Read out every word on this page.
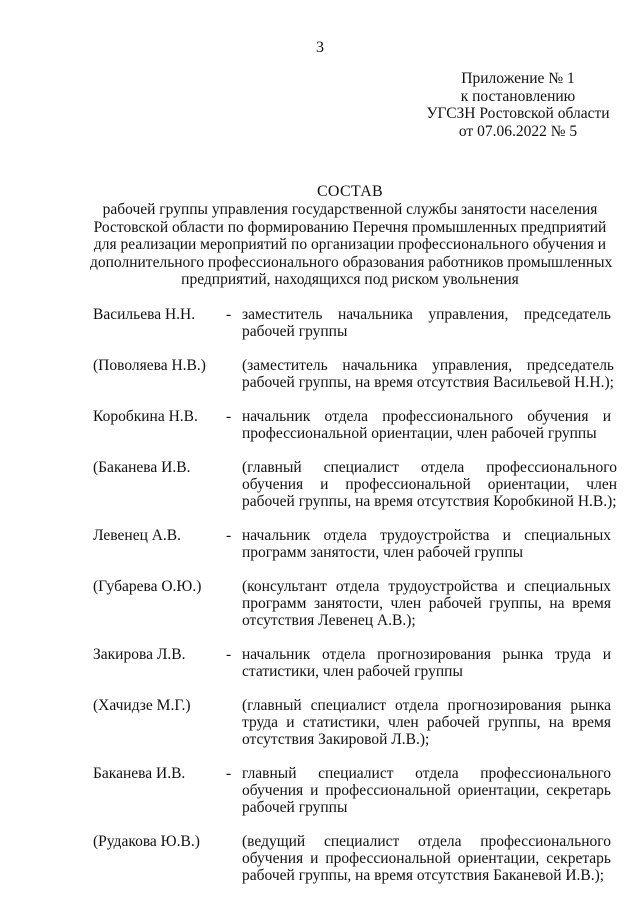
3
Приложение № 1
к постановлению
УГСЗН Ростовской области
от 07.06.2022 № 5
СОСТАВ
рабочей группы управления государственной службы занятости населения
Ростовской области по формированию Перечня промышленных предприятий
для реализации мероприятий по организации профессионального обучения и
дополнительного профессионального образования работников промышленных
предприятий, находящихся под риском увольнения
Васильева Н.Н.	- заместитель начальника управления, председатель
рабочей группы
(Поволяева Н.В.)	(заместитель начальника управления, председатель
рабочей группы, на время отсутствия Васильевой Н.Н.);
Коробкина Н.В.	- начальник отдела профессионального обучения и
профессиональной ориентации, член рабочей группы
(Баканева И.В.	(главный специалист отдела профессионального
обучения и профессиональной ориентации, член
рабочей группы, на время отсутствия Коробкиной Н.В.);
Левенец А.В.	- начальник отдела трудоустройства и специальных
программ занятости, член рабочей группы
(Губарева О.Ю.)	(консультант отдела трудоустройства и специальных
программ занятости, член рабочей группы, на время
отсутствия Левенец А.В.);
Закирова Л.В.	- начальник отдела прогнозирования рынка труда и
статистики, член рабочей группы
(Хачидзе М.Г.)	(главный специалист отдела прогнозирования рынка
труда и статистики, член рабочей группы, на время
отсутствия Закировой Л.В.);
Баканева И.В.	- главный специалист отдела профессионального
обучения и профессиональной ориентации, секретарь
рабочей группы
(Рудакова Ю.В.)	(ведущий специалист отдела профессионального
обучения и профессиональной ориентации, секретарь
рабочей группы, на время отсутствия Баканевой И.В.);
